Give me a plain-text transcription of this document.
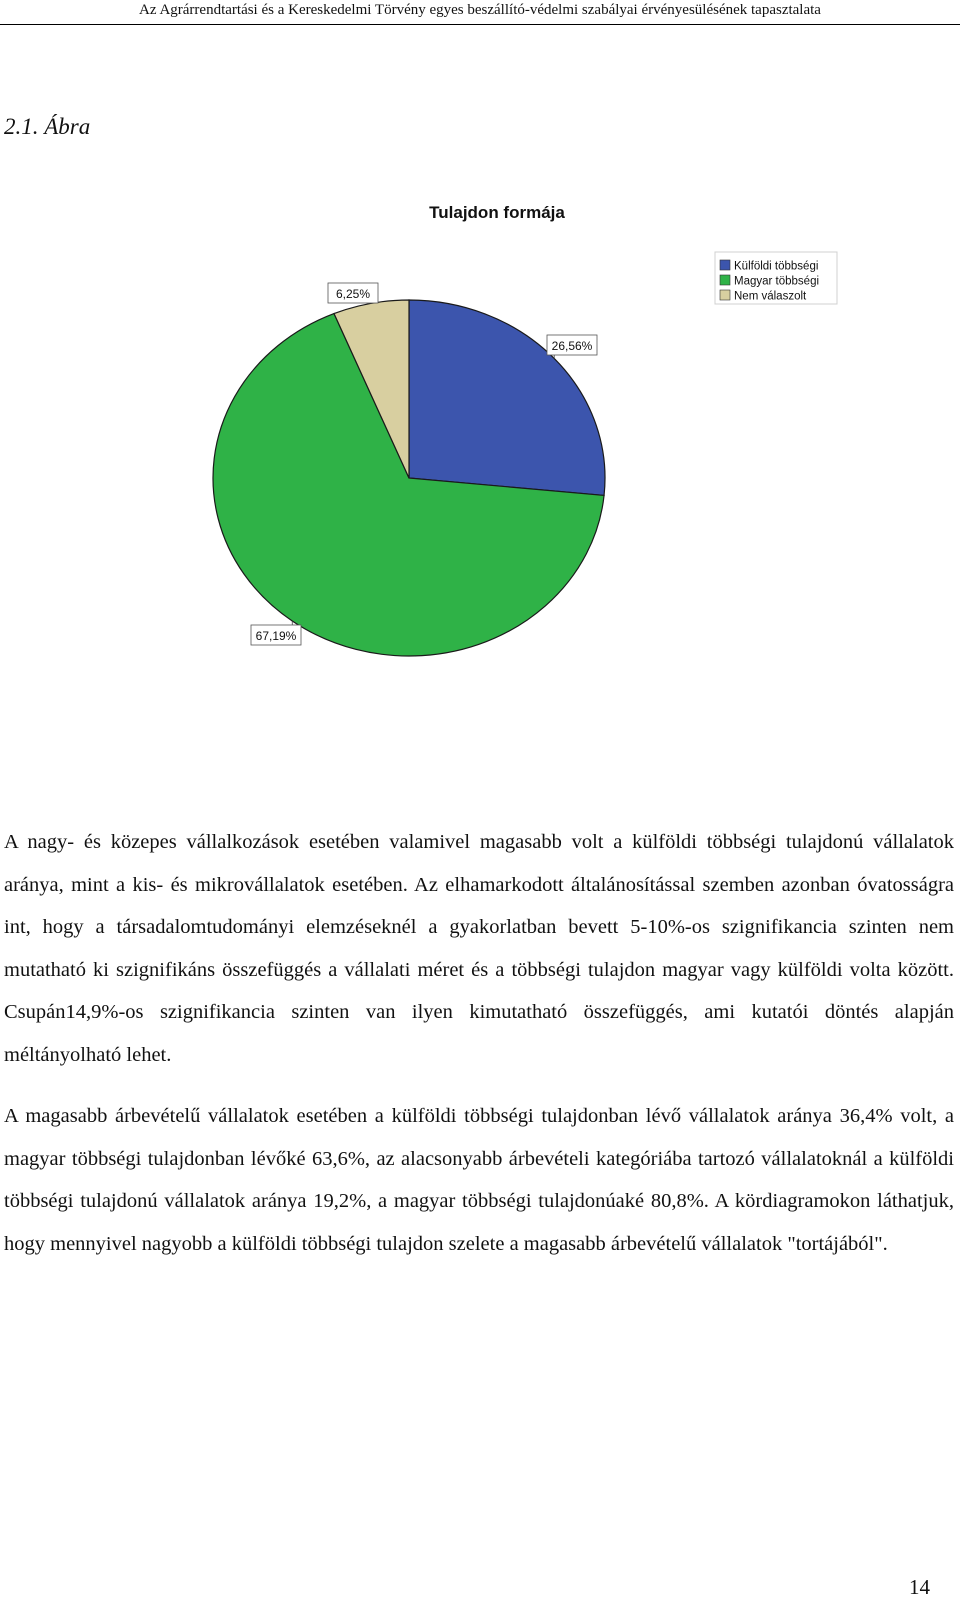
Az Agrárrendtartási és a Kereskedelmi Törvény egyes beszállító-védelmi szabályai érvényesülésének tapasztalata
2.1. Ábra
Tulajdon formája
26,56%
67,19%
6,25%
Külföldi többségi
Magyar többségi
Nem válaszolt

A nagy- és közepes vállalkozások esetében valamivel magasabb volt a külföldi többségi tulajdonú vállalatok aránya, mint a kis- és mikrovállalatok esetében. Az elhamarkodott általánosítással szemben azonban óvatosságra int, hogy a társadalomtudományi elemzéseknél a gyakorlatban bevett 5-10%-os szignifikancia szinten nem mutatható ki szignifikáns összefüggés a vállalati méret és a többségi tulajdon magyar vagy külföldi volta között. Csupán14,9%-os szignifikancia szinten van ilyen kimutatható összefüggés, ami kutatói döntés alapján méltányolható lehet.

A magasabb árbevételű vállalatok esetében a külföldi többségi tulajdonban lévő vállalatok aránya 36,4% volt, a magyar többségi tulajdonban lévőké 63,6%, az alacsonyabb árbevételi kategóriába tartozó vállalatoknál a külföldi többségi tulajdonú vállalatok aránya 19,2%, a magyar többségi tulajdonúaké 80,8%. A kördiagramokon láthatjuk, hogy mennyivel nagyobb a külföldi többségi tulajdon szelete a magasabb árbevételű vállalatok "tortájából".

14
